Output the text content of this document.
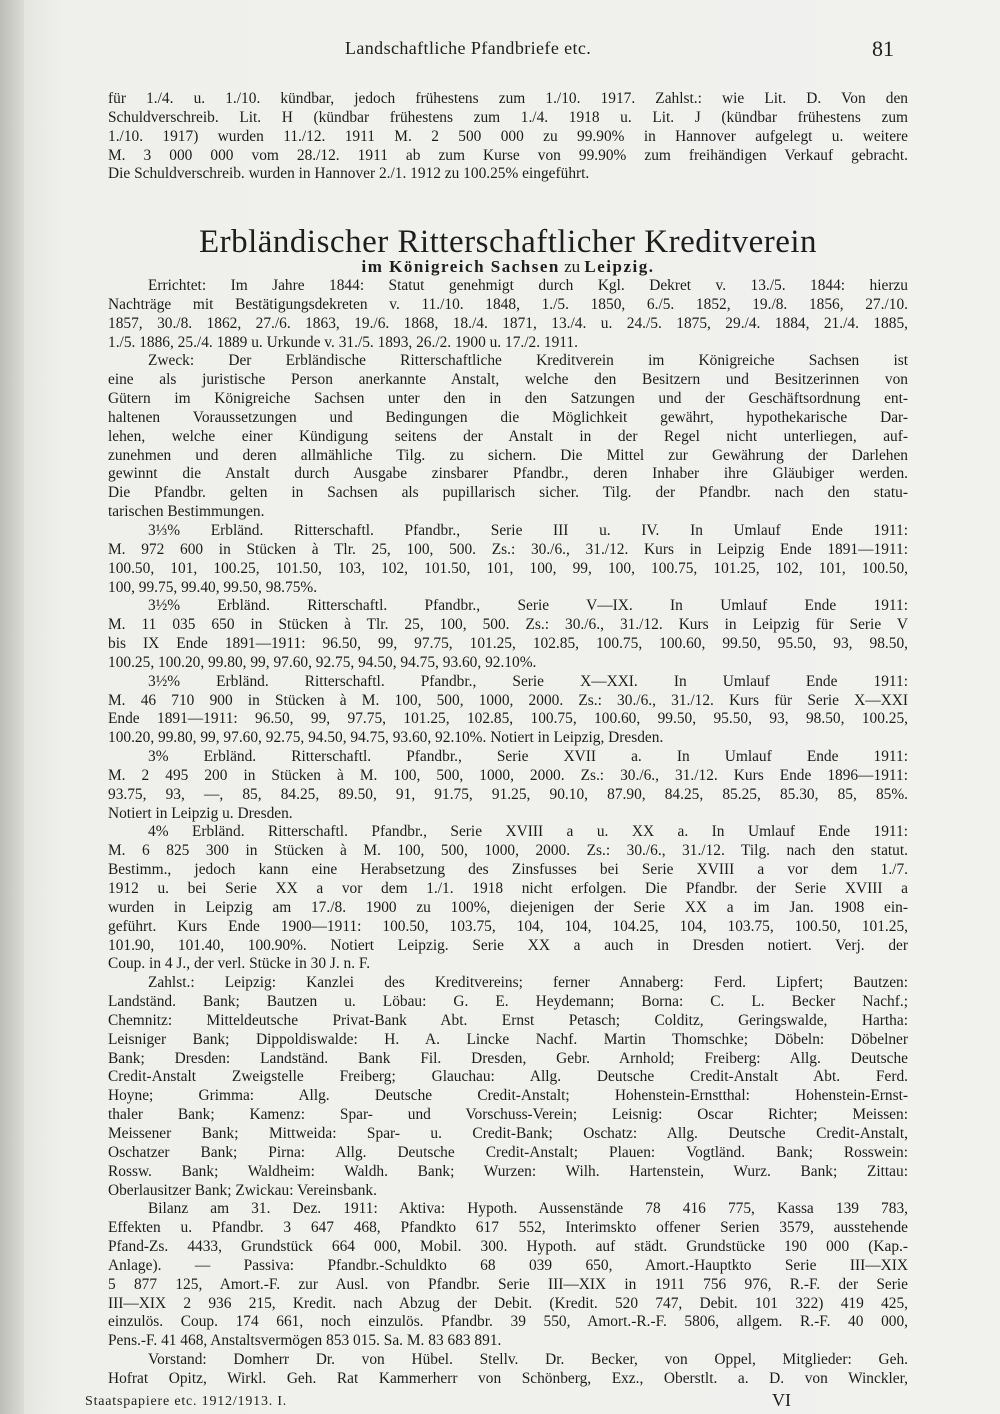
Landschaftliche Pfandbriefe etc.	81
für 1./4. u. 1./10. kündbar, jedoch frühestens zum 1./10. 1917. Zahlst.: wie Lit. D. Von den
Schuldverschreib. Lit. H (kündbar frühestens zum 1./4. 1918 u. Lit. J (kündbar frühestens zum
1./10. 1917) wurden 11./12. 1911 M. 2 500 000 zu 99.90% in Hannover aufgelegt u. weitere
M. 3 000 000 vom 28./12. 1911 ab zum Kurse von 99.90% zum freihändigen Verkauf gebracht.
Die Schuldverschreib. wurden in Hannover 2./1. 1912 zu 100.25% eingeführt.
Erbländischer Ritterschaftlicher Kreditverein
im Königreich Sachsen zu Leipzig.
Errichtet: Im Jahre 1844: Statut genehmigt durch Kgl. Dekret v. 13./5. 1844: hierzu
Nachträge mit Bestätigungsdekreten v. 11./10. 1848, 1./5. 1850, 6./5. 1852, 19./8. 1856, 27./10.
1857, 30./8. 1862, 27./6. 1863, 19./6. 1868, 18./4. 1871, 13./4. u. 24./5. 1875, 29./4. 1884, 21./4. 1885,
1./5. 1886, 25./4. 1889 u. Urkunde v. 31./5. 1893, 26./2. 1900 u. 17./2. 1911.
Zweck: Der Erbländische Ritterschaftliche Kreditverein im Königreiche Sachsen ist
eine als juristische Person anerkannte Anstalt, welche den Besitzern und Besitzerinnen von
Gütern im Königreiche Sachsen unter den in den Satzungen und der Geschäftsordnung ent-
haltenen Voraussetzungen und Bedingungen die Möglichkeit gewährt, hypothekarische Dar-
lehen, welche einer Kündigung seitens der Anstalt in der Regel nicht unterliegen, auf-
zunehmen und deren allmähliche Tilg. zu sichern. Die Mittel zur Gewährung der Darlehen
gewinnt die Anstalt durch Ausgabe zinsbarer Pfandbr., deren Inhaber ihre Gläubiger werden.
Die Pfandbr. gelten in Sachsen als pupillarisch sicher. Tilg. der Pfandbr. nach den statu-
tarischen Bestimmungen.
3⅓% Erbländ. Ritterschaftl. Pfandbr., Serie III u. IV. In Umlauf Ende 1911:
M. 972 600 in Stücken à Tlr. 25, 100, 500. Zs.: 30./6., 31./12. Kurs in Leipzig Ende 1891—1911:
100.50, 101, 100.25, 101.50, 103, 102, 101.50, 101, 100, 99, 100, 100.75, 101.25, 102, 101, 100.50,
100, 99.75, 99.40, 99.50, 98.75%.
3½% Erbländ. Ritterschaftl. Pfandbr., Serie V—IX. In Umlauf Ende 1911:
M. 11 035 650 in Stücken à Tlr. 25, 100, 500. Zs.: 30./6., 31./12. Kurs in Leipzig für Serie V
bis IX Ende 1891—1911: 96.50, 99, 97.75, 101.25, 102.85, 100.75, 100.60, 99.50, 95.50, 93, 98.50,
100.25, 100.20, 99.80, 99, 97.60, 92.75, 94.50, 94.75, 93.60, 92.10%.
3½% Erbländ. Ritterschaftl. Pfandbr., Serie X—XXI. In Umlauf Ende 1911:
M. 46 710 900 in Stücken à M. 100, 500, 1000, 2000. Zs.: 30./6., 31./12. Kurs für Serie X—XXI
Ende 1891—1911: 96.50, 99, 97.75, 101.25, 102.85, 100.75, 100.60, 99.50, 95.50, 93, 98.50, 100.25,
100.20, 99.80, 99, 97.60, 92.75, 94.50, 94.75, 93.60, 92.10%. Notiert in Leipzig, Dresden.
3% Erbländ. Ritterschaftl. Pfandbr., Serie XVII a. In Umlauf Ende 1911:
M. 2 495 200 in Stücken à M. 100, 500, 1000, 2000. Zs.: 30./6., 31./12. Kurs Ende 1896—1911:
93.75, 93, —, 85, 84.25, 89.50, 91, 91.75, 91.25, 90.10, 87.90, 84.25, 85.25, 85.30, 85, 85%.
Notiert in Leipzig u. Dresden.
4% Erbländ. Ritterschaftl. Pfandbr., Serie XVIII a u. XX a. In Umlauf Ende 1911:
M. 6 825 300 in Stücken à M. 100, 500, 1000, 2000. Zs.: 30./6., 31./12. Tilg. nach den statut.
Bestimm., jedoch kann eine Herabsetzung des Zinsfusses bei Serie XVIII a vor dem 1./7.
1912 u. bei Serie XX a vor dem 1./1. 1918 nicht erfolgen. Die Pfandbr. der Serie XVIII a
wurden in Leipzig am 17./8. 1900 zu 100%, diejenigen der Serie XX a im Jan. 1908 ein-
geführt. Kurs Ende 1900—1911: 100.50, 103.75, 104, 104, 104.25, 104, 103.75, 100.50, 101.25,
101.90, 101.40, 100.90%. Notiert Leipzig. Serie XX a auch in Dresden notiert. Verj. der
Coup. in 4 J., der verl. Stücke in 30 J. n. F.
Zahlst.: Leipzig: Kanzlei des Kreditvereins; ferner Annaberg: Ferd. Lipfert; Bautzen:
Landständ. Bank; Bautzen u. Löbau: G. E. Heydemann; Borna: C. L. Becker Nachf.;
Chemnitz: Mitteldeutsche Privat-Bank Abt. Ernst Petasch; Colditz, Geringswalde, Hartha:
Leisniger Bank; Dippoldiswalde: H. A. Lincke Nachf. Martin Thomschke; Döbeln: Döbelner
Bank; Dresden: Landständ. Bank Fil. Dresden, Gebr. Arnhold; Freiberg: Allg. Deutsche
Credit-Anstalt Zweigstelle Freiberg; Glauchau: Allg. Deutsche Credit-Anstalt Abt. Ferd.
Hoyne; Grimma: Allg. Deutsche Credit-Anstalt; Hohenstein-Ernstthal: Hohenstein-Ernst-
thaler Bank; Kamenz: Spar- und Vorschuss-Verein; Leisnig: Oscar Richter; Meissen:
Meissener Bank; Mittweida: Spar- u. Credit-Bank; Oschatz: Allg. Deutsche Credit-Anstalt,
Oschatzer Bank; Pirna: Allg. Deutsche Credit-Anstalt; Plauen: Vogtländ. Bank; Rosswein:
Rossw. Bank; Waldheim: Waldh. Bank; Wurzen: Wilh. Hartenstein, Wurz. Bank; Zittau:
Oberlausitzer Bank; Zwickau: Vereinsbank.
Bilanz am 31. Dez. 1911: Aktiva: Hypoth. Aussenstände 78 416 775, Kassa 139 783,
Effekten u. Pfandbr. 3 647 468, Pfandkto 617 552, Interimskto offener Serien 3579, ausstehende
Pfand-Zs. 4433, Grundstück 664 000, Mobil. 300. Hypoth. auf städt. Grundstücke 190 000 (Kap.-
Anlage). — Passiva: Pfandbr.-Schuldkto 68 039 650, Amort.-Hauptkto Serie III—XIX
5 877 125, Amort.-F. zur Ausl. von Pfandbr. Serie III—XIX in 1911 756 976, R.-F. der Serie
III—XIX 2 936 215, Kredit. nach Abzug der Debit. (Kredit. 520 747, Debit. 101 322) 419 425,
einzulös. Coup. 174 661, noch einzulös. Pfandbr. 39 550, Amort.-R.-F. 5806, allgem. R.-F. 40 000,
Pens.-F. 41 468, Anstaltsvermögen 853 015. Sa. M. 83 683 891.
Vorstand: Domherr Dr. von Hübel. Stellv. Dr. Becker, von Oppel, Mitglieder: Geh.
Hofrat Opitz, Wirkl. Geh. Rat Kammerherr von Schönberg, Exz., Oberstlt. a. D. von Winckler,
Staatspapiere etc. 1912/1913. I.	VI
